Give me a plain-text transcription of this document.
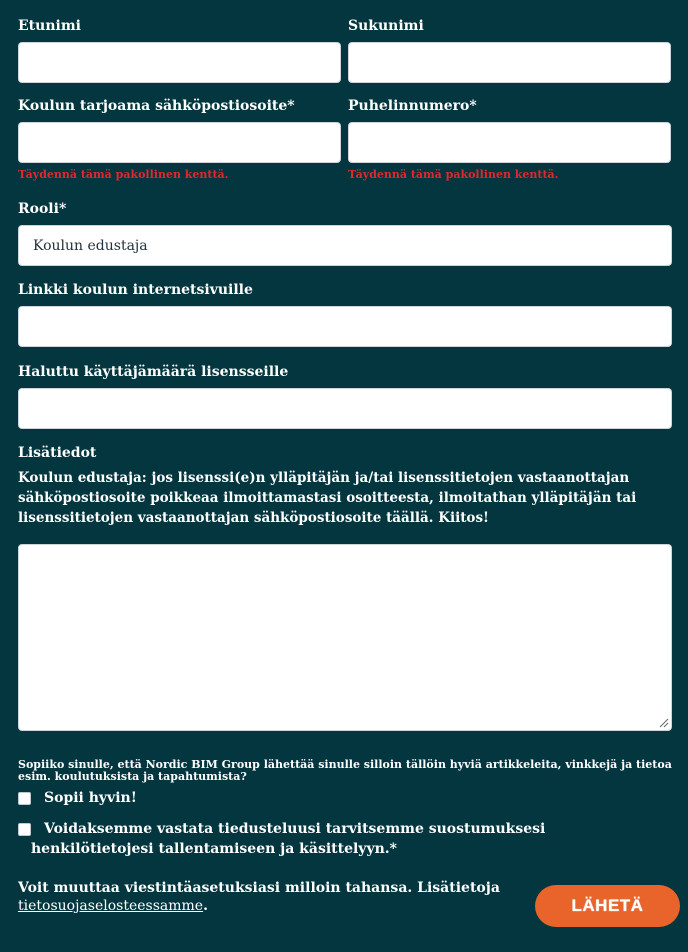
Etunimi	Sukunimi
Koulun tarjoama sähköpostiosoite*
Täydennä tämä pakollinen kenttä.
Puhelinnumero*
Täydennä tämä pakollinen kenttä.
Rooli*
Koulun edustaja
Linkki koulun internetsivuille
Haluttu käyttäjämäärä lisensseille
Lisätiedot

Koulun edustaja: jos lisenssi(e)n ylläpitäjän ja/tai lisenssitietojen vastaanottajan sähköpostiosoite poikkeaa ilmoittamastasi osoitteesta, ilmoitathan ylläpitäjän tai lisenssitietojen vastaanottajan sähköpostiosoite täällä. Kiitos!

Sopiiko sinulle, että Nordic BIM Group lähettää sinulle silloin tällöin hyviä artikkeleita, vinkkejä ja tietoa esim. koulutuksista ja tapahtumista?
Sopii hyvin!
Voidaksemme vastata tiedusteluusi tarvitsemme suostumuksesi henkilötietojesi tallentamiseen ja käsittelyyn.*
Voit muuttaa viestintäasetuksiasi milloin tahansa. Lisätietoja tietosuojaselosteessamme.	LÄHETÄ
